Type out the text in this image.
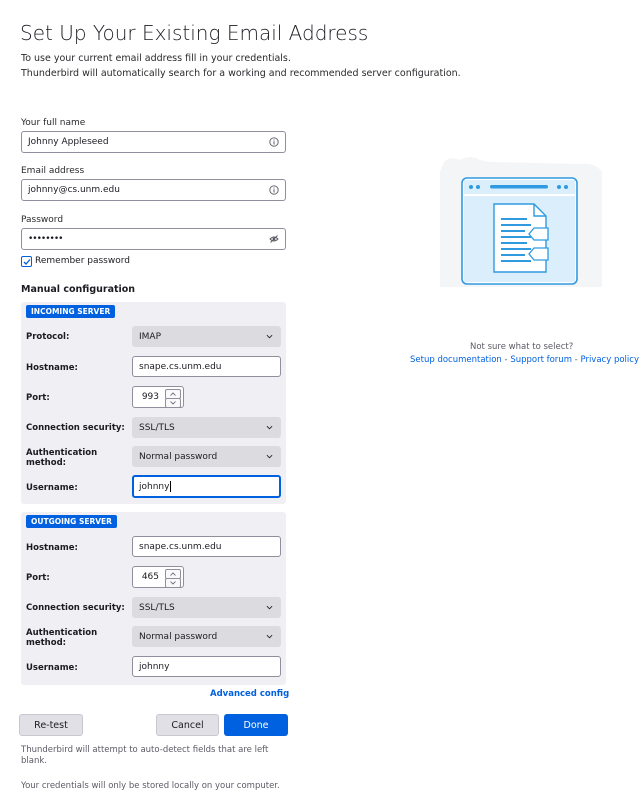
Set Up Your Existing Email Address
To use your current email address fill in your credentials.
Thunderbird will automatically search for a working and recommended server configuration.
Your full name
Johnny Appleseed
Email address
johnny@cs.unm.edu
Password
••••••••
Remember password
Manual configuration
INCOMING SERVER
Protocol:	IMAP
Hostname:	snape.cs.unm.edu
Port:	993
Connection security: SSL/TLS
Authentication
method:
Normal password
Username:	johnny
OUTGOING SERVER
Hostname:	snape.cs.unm.edu
Port:	465
Connection security: SSL/TLS
Authentication
method:
Normal password
Username:	johnny
Advanced config
Re-test	Cancel	Done
Thunderbird will attempt to auto-detect fields that are left
blank.
Your credentials will only be stored locally on your computer.
Not sure what to select?
Setup documentation - Support forum - Privacy policy
